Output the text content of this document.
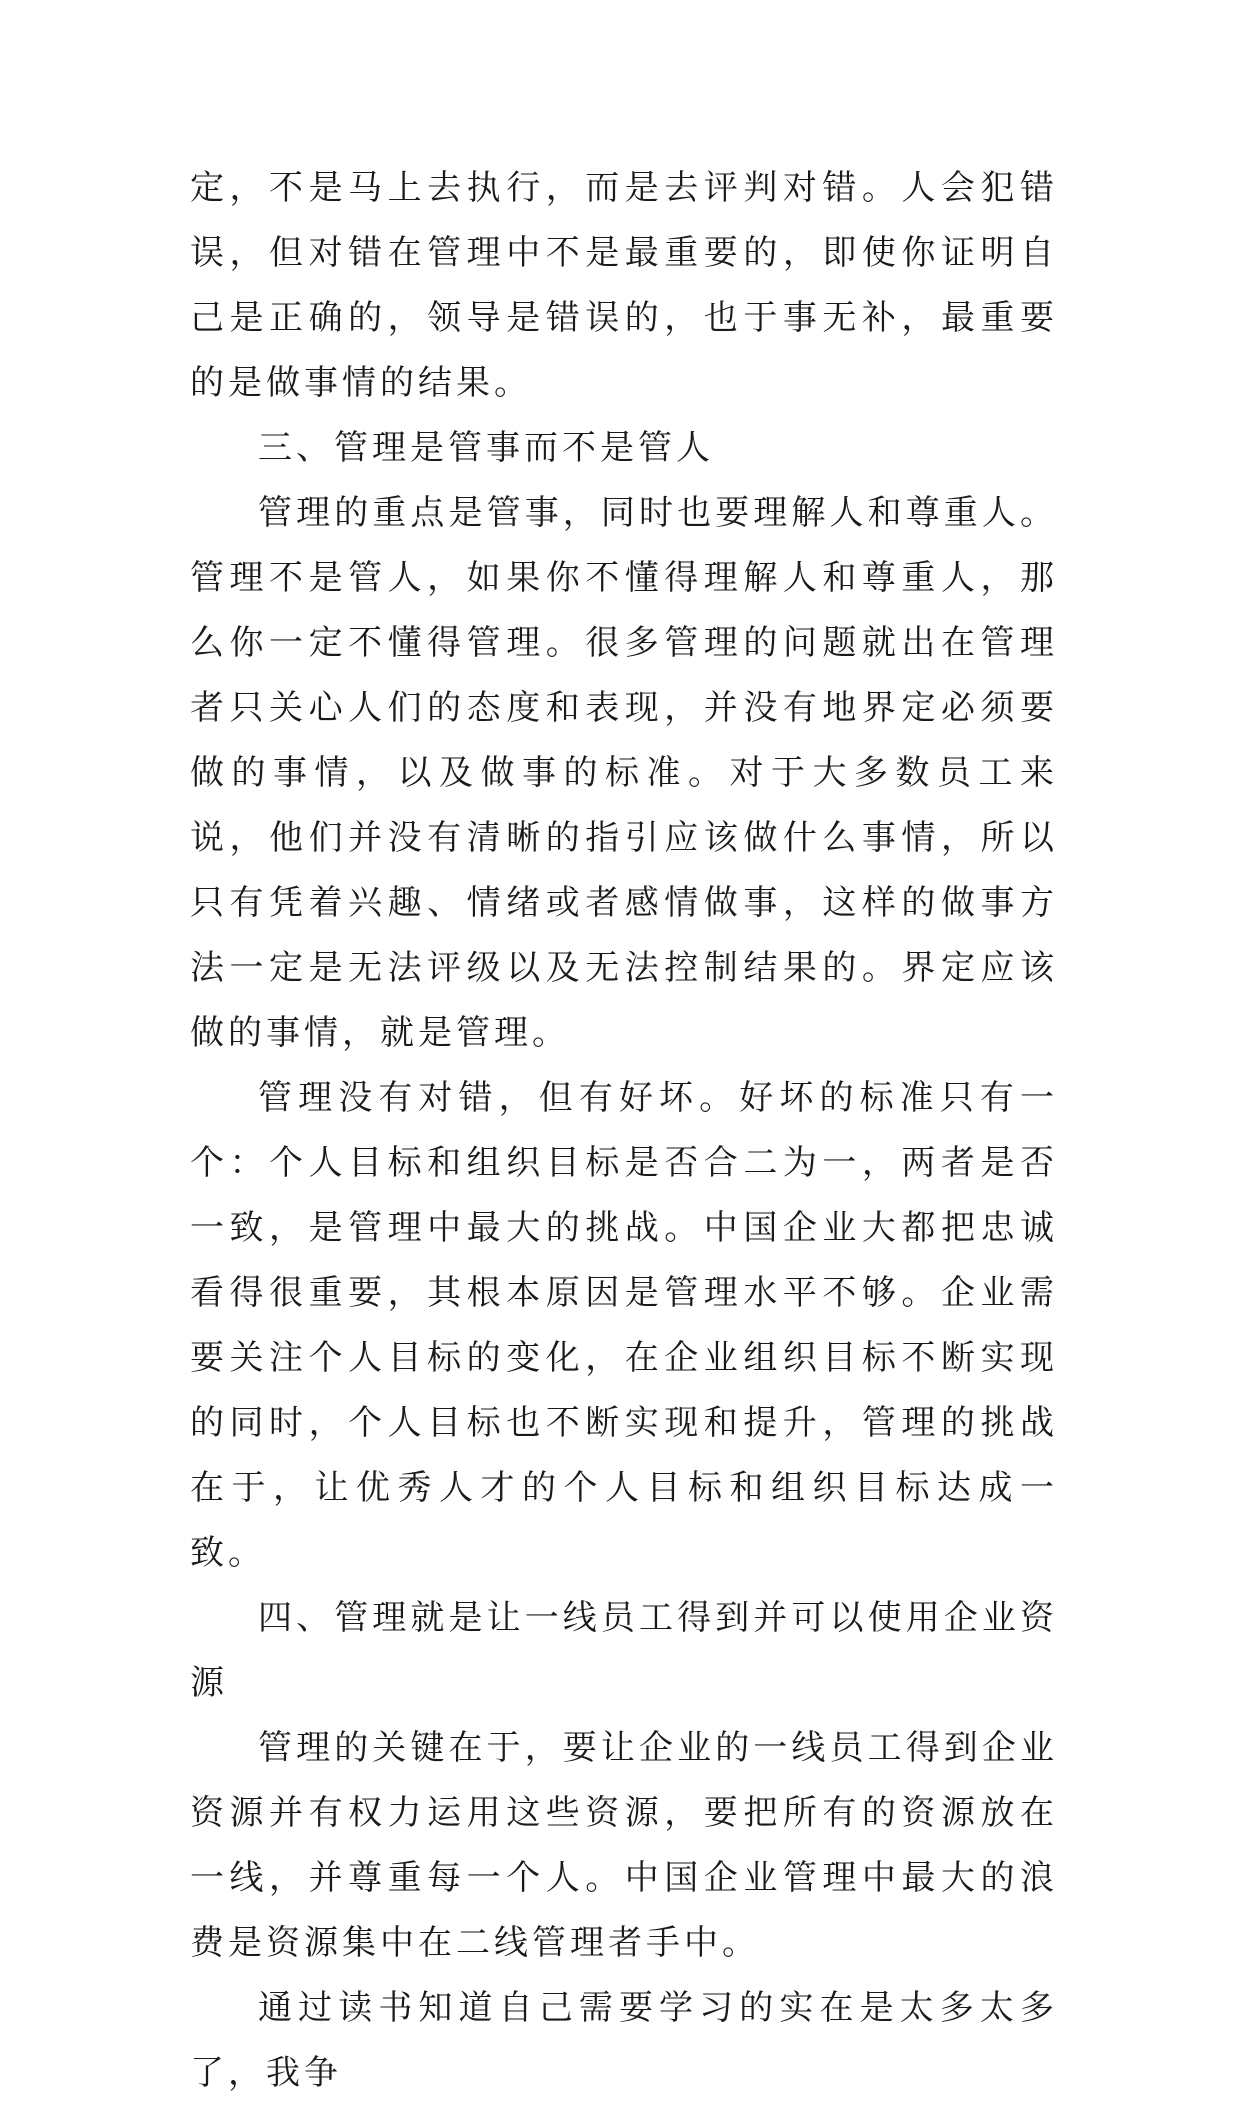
定，不是马上去执行，而是去评判对错。人会犯错误，但对错在管理中不是最重要的，即使你证明自己是正确的，领导是错误的，也于事无补，最重要的是做事情的结果。

三、管理是管事而不是管人

管理的重点是管事，同时也要理解人和尊重人。管理不是管人，如果你不懂得理解人和尊重人，那么你一定不懂得管理。很多管理的问题就出在管理者只关心人们的态度和表现，并没有地界定必须要做的事情，以及做事的标准。对于大多数员工来说，他们并没有清晰的指引应该做什么事情，所以只有凭着兴趣、情绪或者感情做事，这样的做事方法一定是无法评级以及无法控制结果的。界定应该做的事情，就是管理。

管理没有对错，但有好坏。好坏的标准只有一个：个人目标和组织目标是否合二为一，两者是否一致，是管理中最大的挑战。中国企业大都把忠诚看得很重要，其根本原因是管理水平不够。企业需要关注个人目标的变化，在企业组织目标不断实现的同时，个人目标也不断实现和提升，管理的挑战在于，让优秀人才的个人目标和组织目标达成一致。

四、管理就是让一线员工得到并可以使用企业资源

管理的关键在于，要让企业的一线员工得到企业资源并有权力运用这些资源，要把所有的资源放在一线，并尊重每一个人。中国企业管理中最大的浪费是资源集中在二线管理者手中。

通过读书知道自己需要学习的实在是太多太多了，我争
